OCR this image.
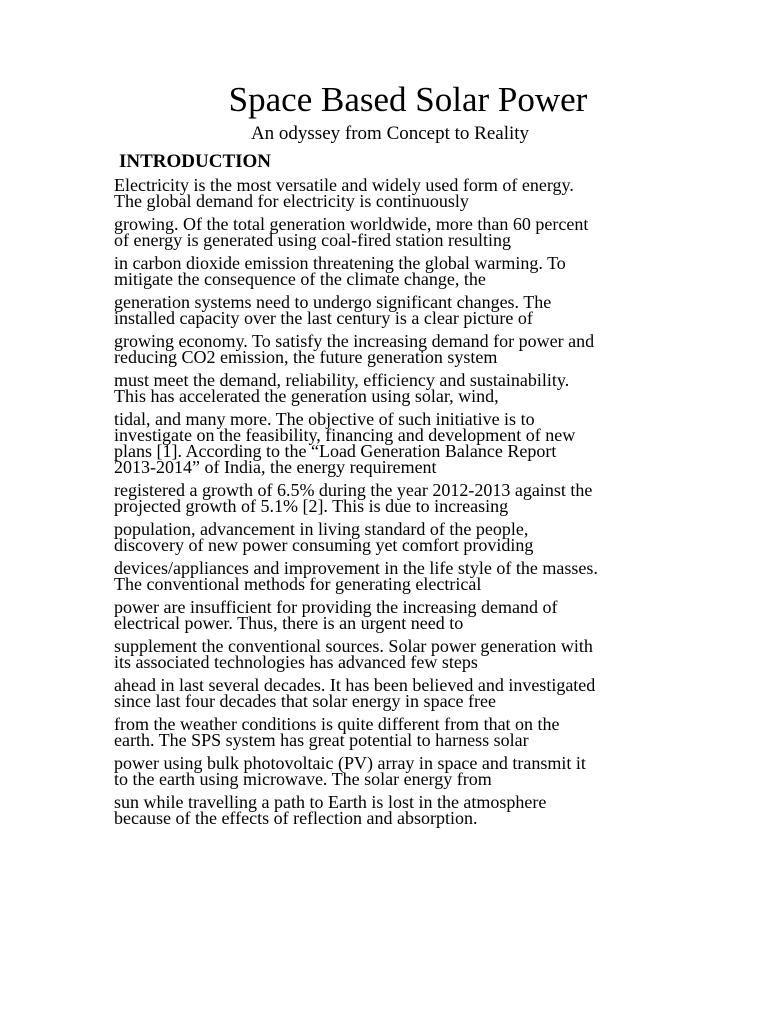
Space Based Solar Power
An odyssey from Concept to Reality
INTRODUCTION
Electricity is the most versatile and widely used form of energy.
The global demand for electricity is continuously
growing. Of the total generation worldwide, more than 60 percent
of energy is generated using coal-fired station resulting
in carbon dioxide emission threatening the global warming. To
mitigate the consequence of the climate change, the
generation systems need to undergo significant changes. The
installed capacity over the last century is a clear picture of
growing economy. To satisfy the increasing demand for power and
reducing CO2 emission, the future generation system
must meet the demand, reliability, efficiency and sustainability.
This has accelerated the generation using solar, wind,
tidal, and many more. The objective of such initiative is to
investigate on the feasibility, financing and development of new
plans [1]. According to the “Load Generation Balance Report
2013-2014” of India, the energy requirement
registered a growth of 6.5% during the year 2012-2013 against the
projected growth of 5.1% [2]. This is due to increasing
population, advancement in living standard of the people,
discovery of new power consuming yet comfort providing
devices/appliances and improvement in the life style of the masses.
The conventional methods for generating electrical
power are insufficient for providing the increasing demand of
electrical power. Thus, there is an urgent need to
supplement the conventional sources. Solar power generation with
its associated technologies has advanced few steps
ahead in last several decades. It has been believed and investigated
since last four decades that solar energy in space free
from the weather conditions is quite different from that on the
earth. The SPS system has great potential to harness solar
power using bulk photovoltaic (PV) array in space and transmit it
to the earth using microwave. The solar energy from
sun while travelling a path to Earth is lost in the atmosphere
because of the effects of reflection and absorption.
